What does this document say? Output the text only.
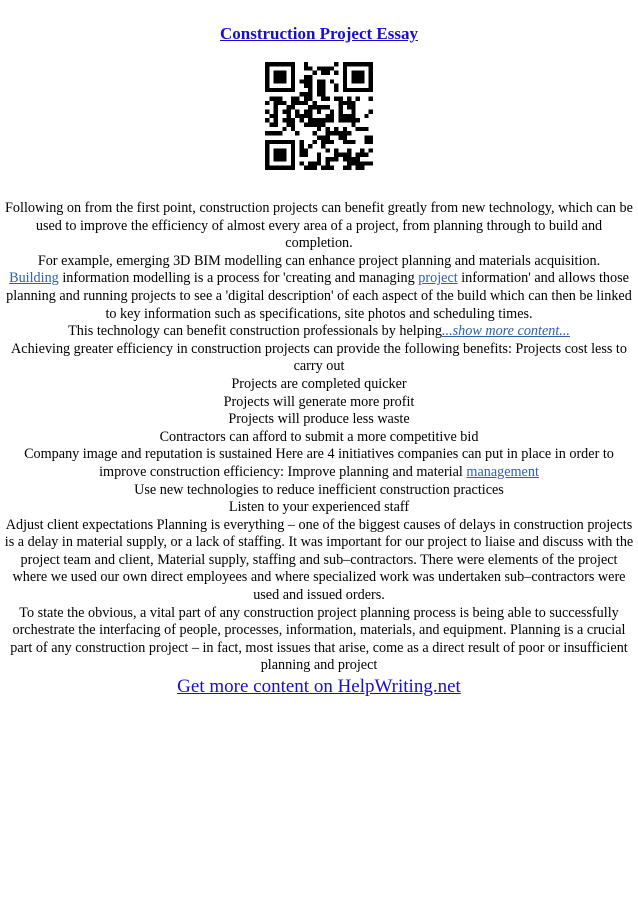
Construction Project Essay

Following on from the first point, construction projects can benefit greatly from new technology, which can be used to improve the efficiency of almost every area of a project, from planning through to build and completion.

For example, emerging 3D BIM modelling can enhance project planning and materials acquisition.

Building information modelling is a process for 'creating and managing project information' and allows those planning and running projects to see a 'digital description' of each aspect of the build which can then be linked to key information such as specifications, site photos and scheduling times.

This technology can benefit construction professionals by helping...show more content...

Achieving greater efficiency in construction projects can provide the following benefits: Projects cost less to carry out

Projects are completed quicker

Projects will generate more profit

Projects will produce less waste

Contractors can afford to submit a more competitive bid

Company image and reputation is sustained Here are 4 initiatives companies can put in place in order to improve construction efficiency: Improve planning and material management

Use new technologies to reduce inefficient construction practices

Listen to your experienced staff

Adjust client expectations Planning is everything – one of the biggest causes of delays in construction projects is a delay in material supply, or a lack of staffing. It was important for our project to liaise and discuss with the project team and client, Material supply, staffing and sub–contractors. There were elements of the project where we used our own direct employees and where specialized work was undertaken sub–contractors were used and issued orders.

To state the obvious, a vital part of any construction project planning process is being able to successfully orchestrate the interfacing of people, processes, information, materials, and equipment. Planning is a crucial part of any construction project – in fact, most issues that arise, come as a direct result of poor or insufficient planning and project

Get more content on HelpWriting.net
